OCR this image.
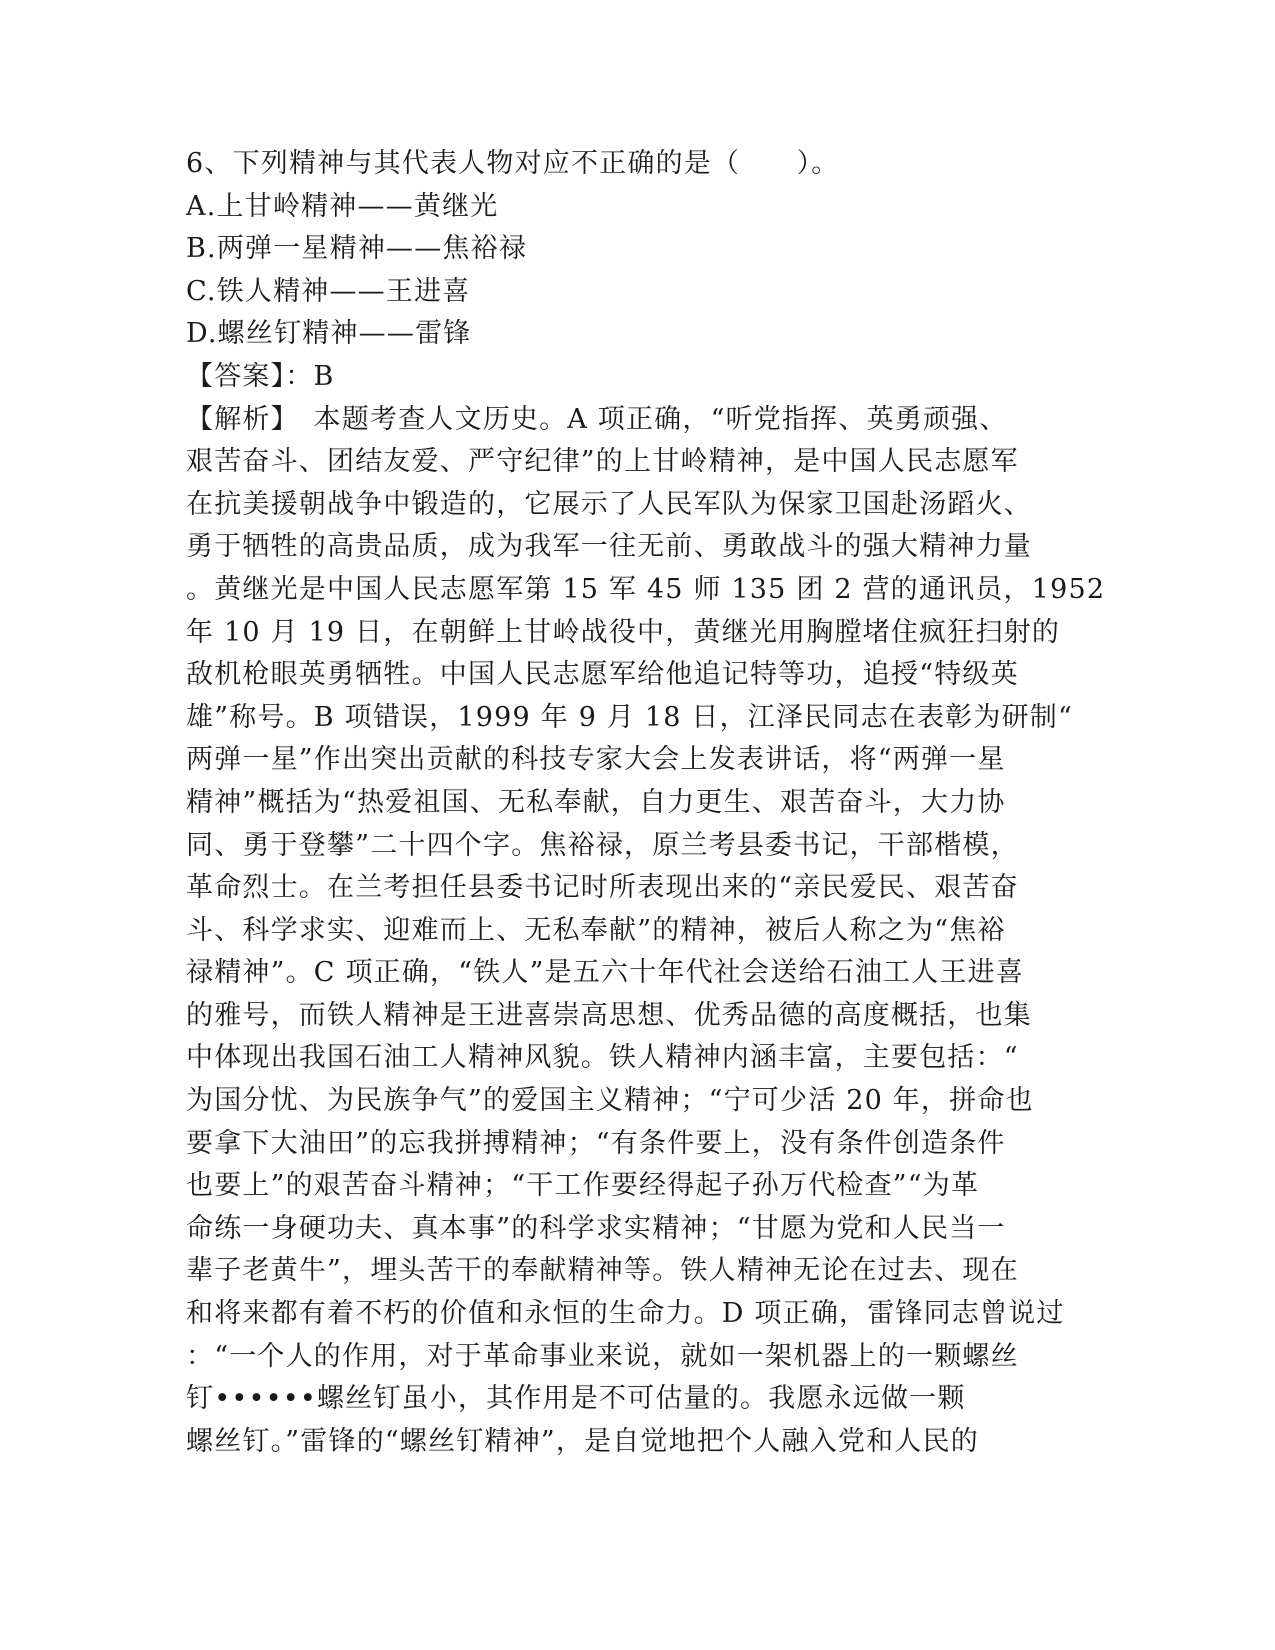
6、下列精神与其代表人物对应不正确的是（　　）。
A.上甘岭精神——黄继光
B.两弹一星精神——焦裕禄
C.铁人精神——王进喜
D.螺丝钉精神——雷锋
【答案】：B
【解析】　本题考查人文历史。A 项正确，“听党指挥、英勇顽强、
艰苦奋斗、团结友爱、严守纪律”的上甘岭精神，是中国人民志愿军
在抗美援朝战争中锻造的，它展示了人民军队为保家卫国赴汤蹈火、
勇于牺牲的高贵品质，成为我军一往无前、勇敢战斗的强大精神力量
。黄继光是中国人民志愿军第 15 军 45 师 135 团 2 营的通讯员，1952
年 10 月 19 日，在朝鲜上甘岭战役中，黄继光用胸膛堵住疯狂扫射的
敌机枪眼英勇牺牲。中国人民志愿军给他追记特等功，追授“特级英
雄”称号。B 项错误，1999 年 9 月 18 日，江泽民同志在表彰为研制“
两弹一星”作出突出贡献的科技专家大会上发表讲话，将“两弹一星
精神”概括为“热爱祖国、无私奉献，自力更生、艰苦奋斗，大力协
同、勇于登攀”二十四个字。焦裕禄，原兰考县委书记，干部楷模，
革命烈士。在兰考担任县委书记时所表现出来的“亲民爱民、艰苦奋
斗、科学求实、迎难而上、无私奉献”的精神，被后人称之为“焦裕
禄精神”。C 项正确，“铁人”是五六十年代社会送给石油工人王进喜
的雅号，而铁人精神是王进喜崇高思想、优秀品德的高度概括，也集
中体现出我国石油工人精神风貌。铁人精神内涵丰富，主要包括：“
为国分忧、为民族争气”的爱国主义精神；“宁可少活 20 年，拼命也
要拿下大油田”的忘我拼搏精神；“有条件要上，没有条件创造条件
也要上”的艰苦奋斗精神；“干工作要经得起子孙万代检查”“为革
命练一身硬功夫、真本事”的科学求实精神；“甘愿为党和人民当一
辈子老黄牛”，埋头苦干的奉献精神等。铁人精神无论在过去、现在
和将来都有着不朽的价值和永恒的生命力。D 项正确，雷锋同志曾说过
：“一个人的作用，对于革命事业来说，就如一架机器上的一颗螺丝
钉••••••螺丝钉虽小，其作用是不可估量的。我愿永远做一颗
螺丝钉。”雷锋的“螺丝钉精神”，是自觉地把个人融入党和人民的
